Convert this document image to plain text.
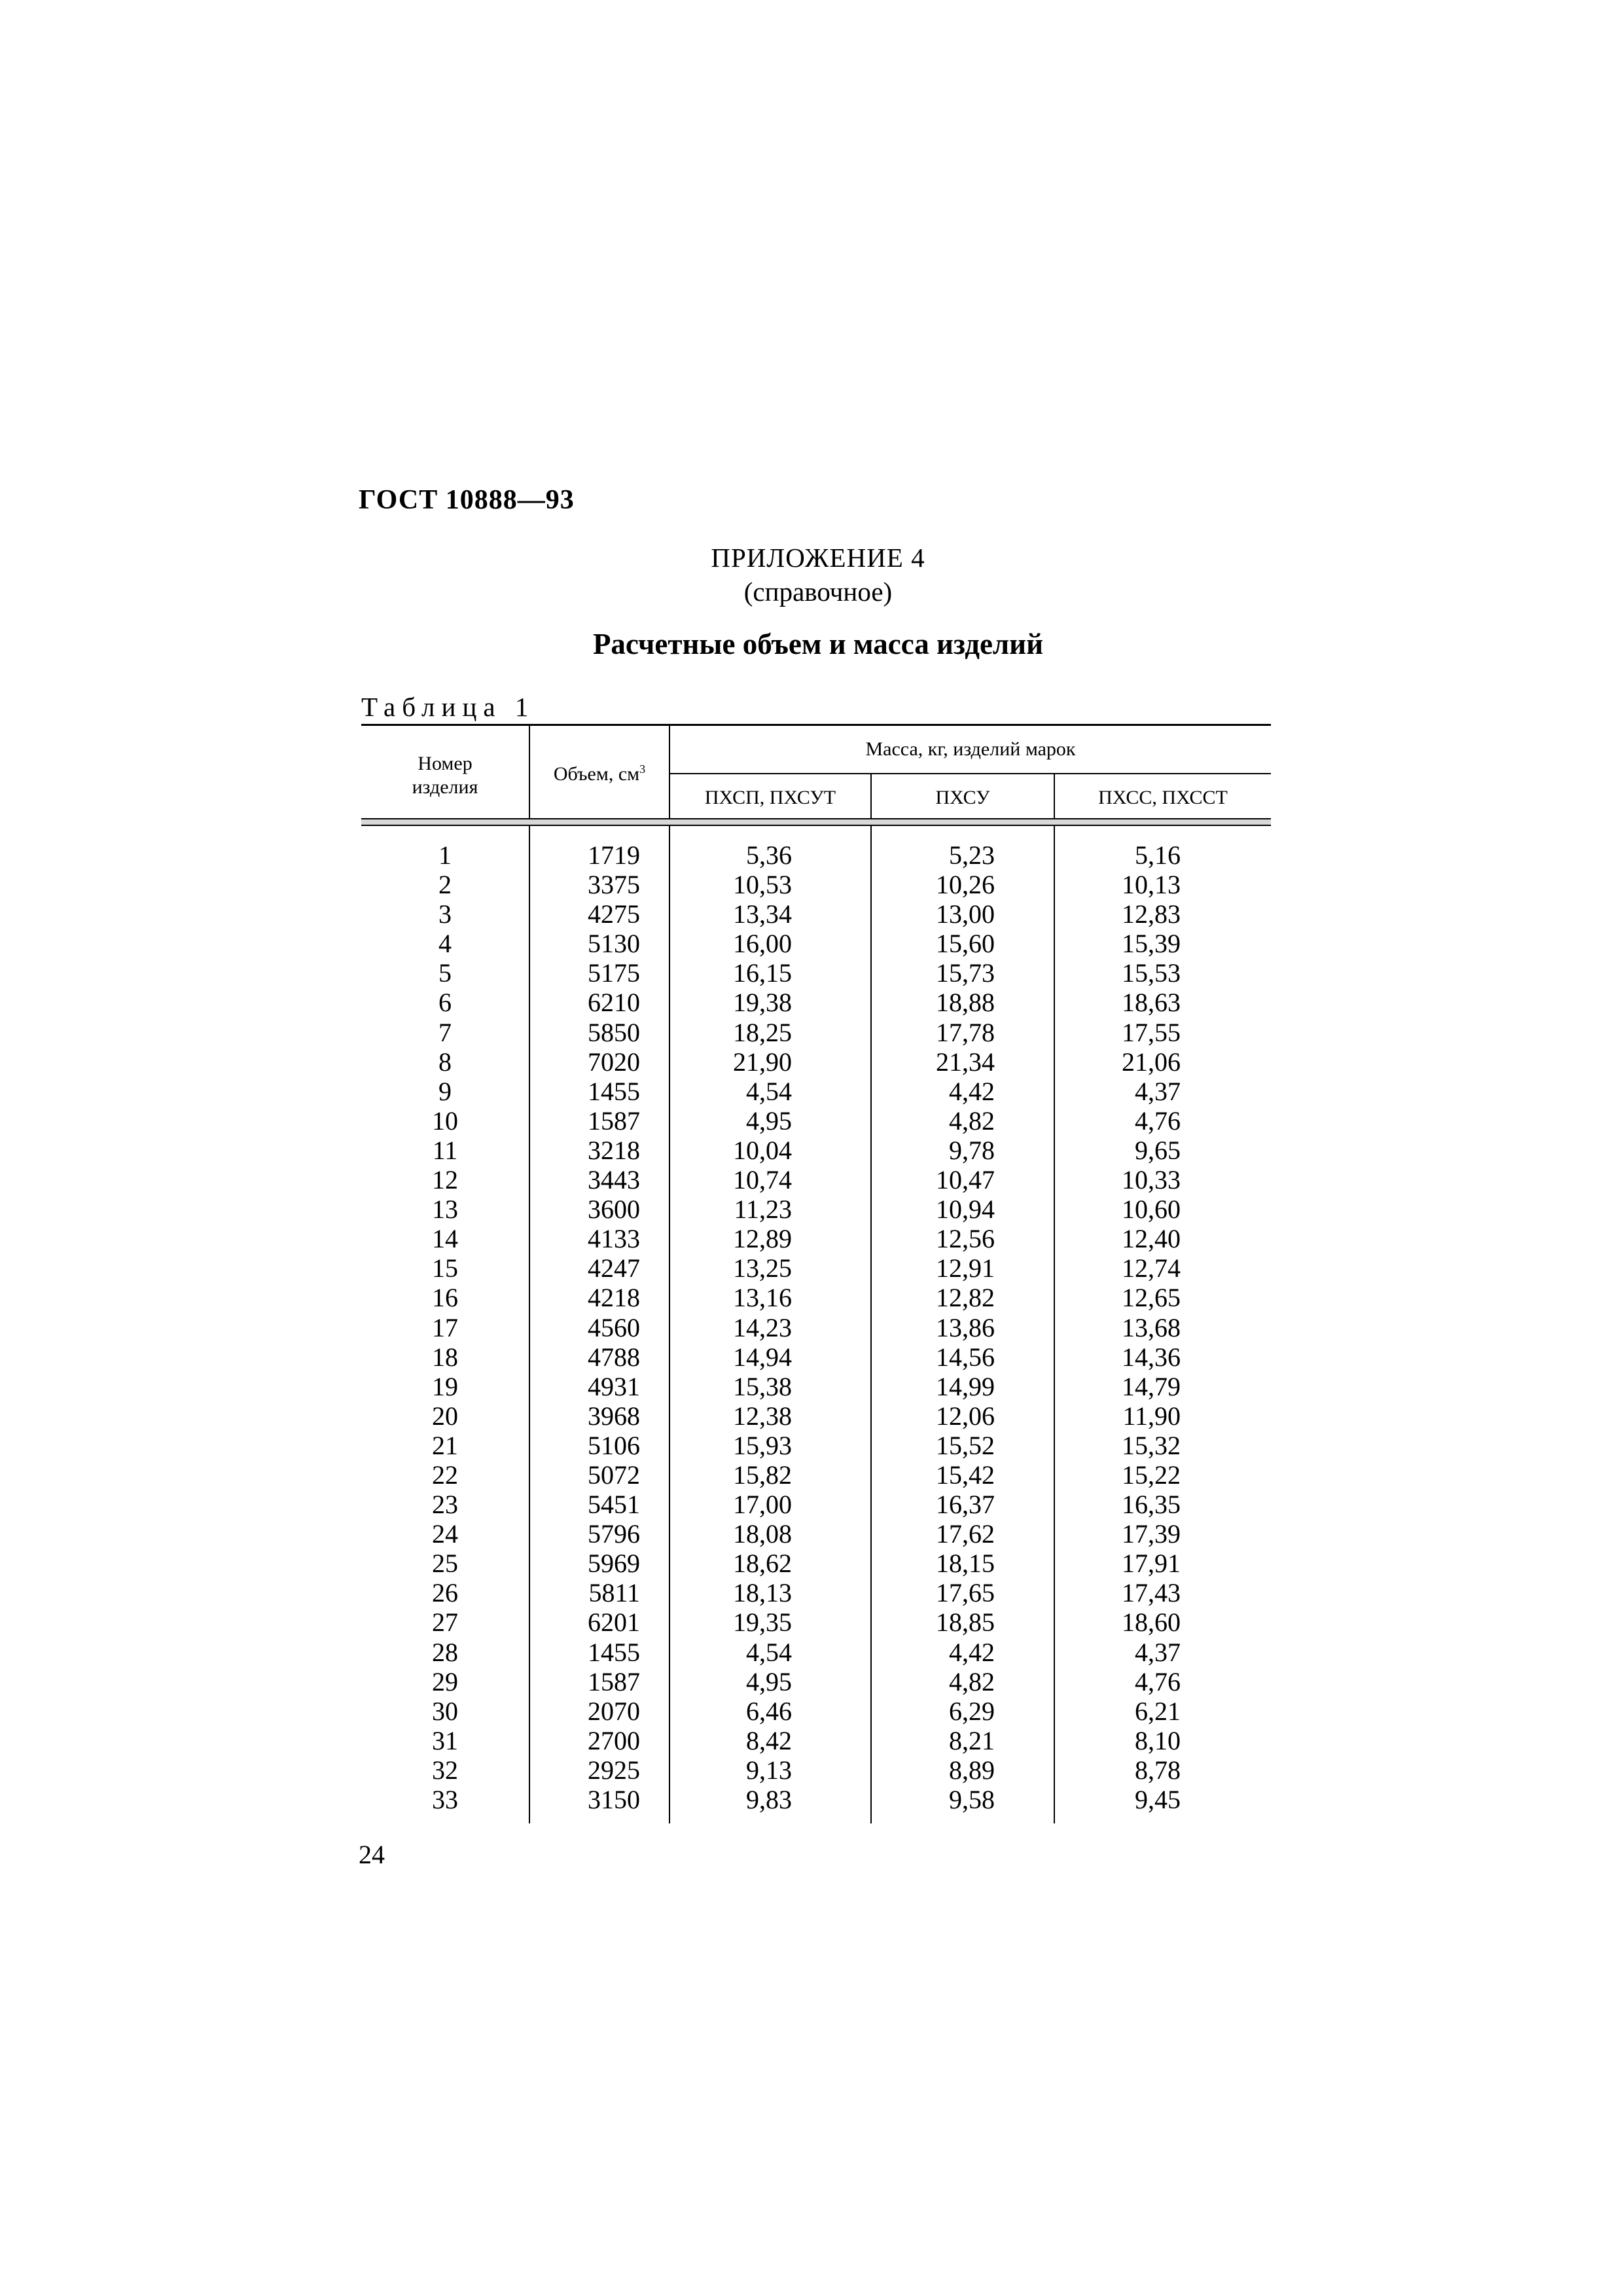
ГОСТ 10888—93
ПРИЛОЖЕНИЕ 4
(справочное)
Расчетные объем и масса изделий
Таблица 1
Номер
изделия
Объем, $см^3$
Масса, кг, изделий марок
ПХСП, ПХСУТ	ПХСУ	ПХСС, ПХССТ
1	1719	5,36	5,23	5,16
2	3375	10,53	10,26	10,13
3	4275	13,34	13,00	12,83
4	5130	16,00	15,60	15,39
5	5175	16,15	15,73	15,53
6	6210	19,38	18,88	18,63
7	5850	18,25	17,78	17,55
8	7020	21,90	21,34	21,06
9	1455	4,54	4,42	4,37
10	1587	4,95	4,82	4,76
11	3218	10,04	9,78	9,65
12	3443	10,74	10,47	10,33
13	3600	11,23	10,94	10,60
14	4133	12,89	12,56	12,40
15	4247	13,25	12,91	12,74
16	4218	13,16	12,82	12,65
17	4560	14,23	13,86	13,68
18	4788	14,94	14,56	14,36
19	4931	15,38	14,99	14,79
20	3968	12,38	12,06	11,90
21	5106	15,93	15,52	15,32
22	5072	15,82	15,42	15,22
23	5451	17,00	16,37	16,35
24	5796	18,08	17,62	17,39
25	5969	18,62	18,15	17,91
26	5811	18,13	17,65	17,43
27	6201	19,35	18,85	18,60
28	1455	4,54	4,42	4,37
29	1587	4,95	4,82	4,76
30	2070	6,46	6,29	6,21
31	2700	8,42	8,21	8,10
32	2925	9,13	8,89	8,78
33	3150	9,83	9,58	9,45
24
